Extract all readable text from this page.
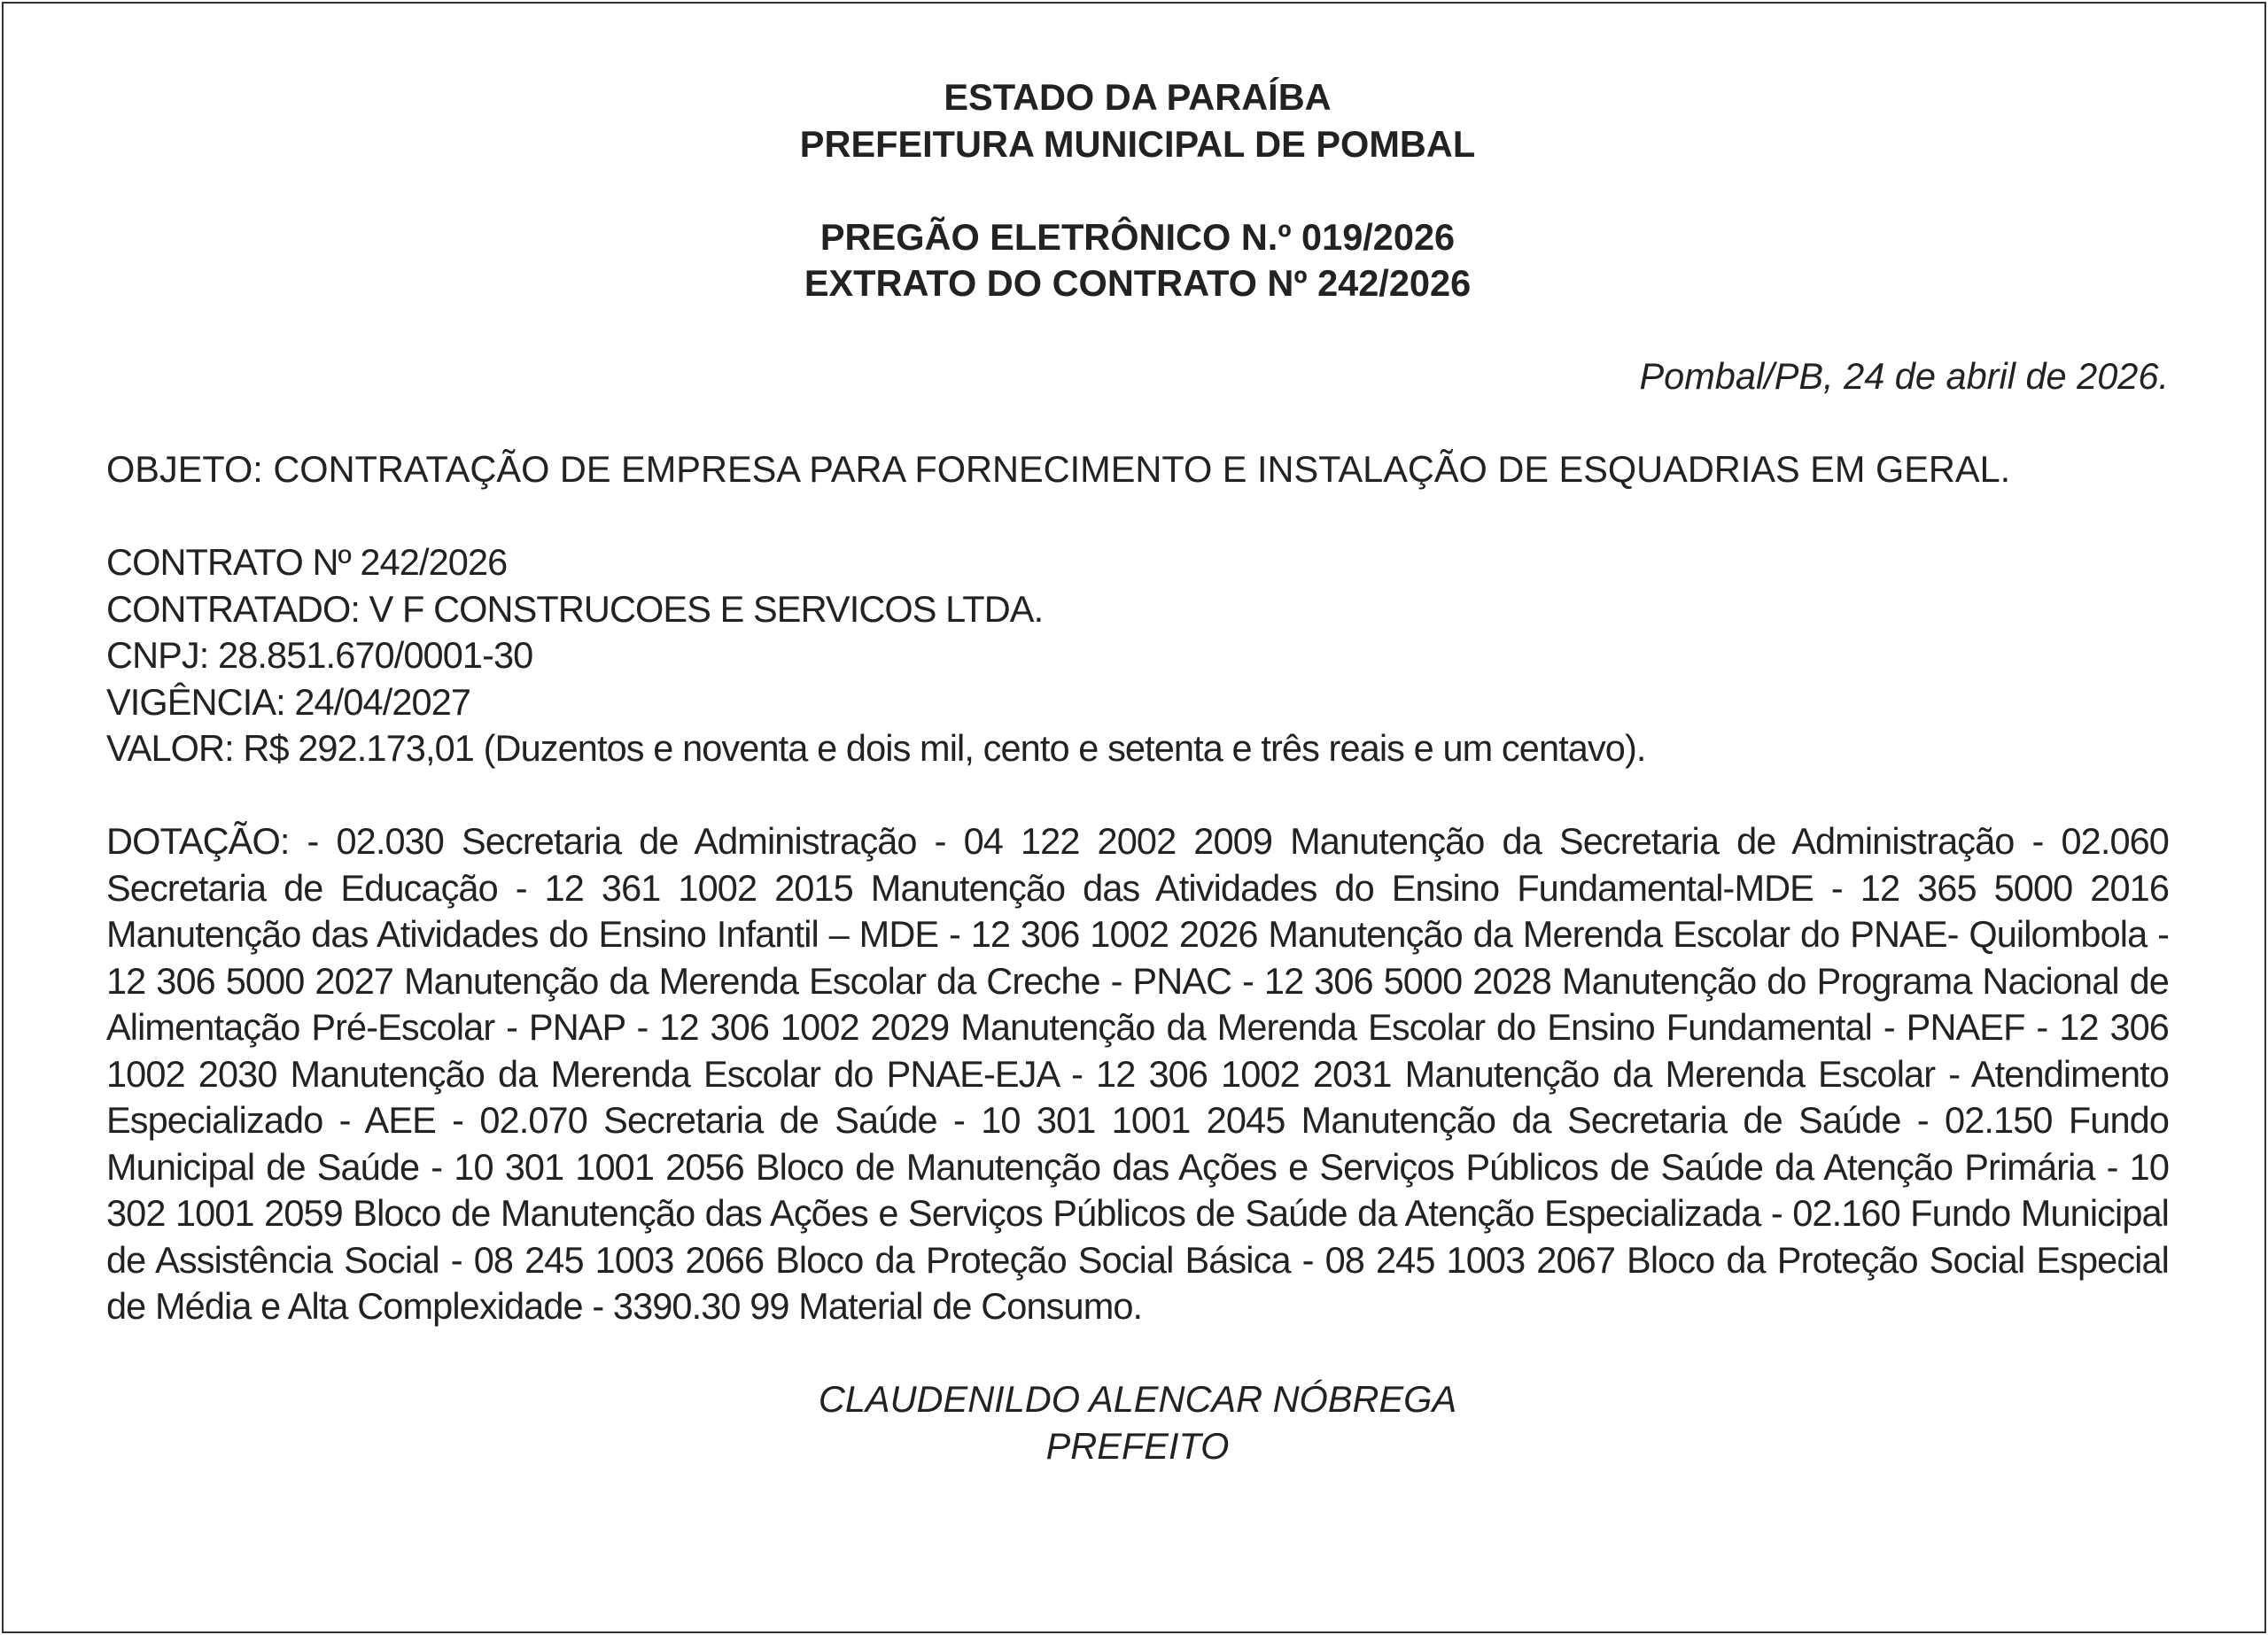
ESTADO DA PARAÍBA
PREFEITURA MUNICIPAL DE POMBAL
PREGÃO ELETRÔNICO N.º 019/2026
EXTRATO DO CONTRATO Nº 242/2026
Pombal/PB, 24 de abril de 2026.
OBJETO: CONTRATAÇÃO DE EMPRESA PARA FORNECIMENTO E INSTALAÇÃO DE ESQUADRIAS EM GERAL.
CONTRATO Nº 242/2026
CONTRATADO: V F CONSTRUCOES E SERVICOS LTDA.
CNPJ: 28.851.670/0001-30
VIGÊNCIA: 24/04/2027
VALOR: R$ 292.173,01 (Duzentos e noventa e dois mil, cento e setenta e três reais e um centavo).
DOTAÇÃO: - 02.030 Secretaria de Administração - 04 122 2002 2009 Manutenção da Secretaria de Administração - 02.060 Secretaria de Educação - 12 361 1002 2015 Manutenção das Atividades do Ensino Fundamental-MDE - 12 365 5000 2016 Manutenção das Atividades do Ensino Infantil – MDE - 12 306 1002 2026 Manutenção da Merenda Escolar do PNAE- Quilombola - 12 306 5000 2027 Manutenção da Merenda Escolar da Creche - PNAC - 12 306 5000 2028 Manutenção do Programa Nacional de Alimentação Pré-Escolar - PNAP - 12 306 1002 2029 Manutenção da Merenda Escolar do Ensino Fundamental - PNAEF - 12 306 1002 2030 Manutenção da Merenda Escolar do PNAE-EJA - 12 306 1002 2031 Manutenção da Merenda Escolar - Atendimento Especializado - AEE - 02.070 Secretaria de Saúde - 10 301 1001 2045 Manutenção da Secretaria de Saúde - 02.150 Fundo Municipal de Saúde - 10 301 1001 2056 Bloco de Manutenção das Ações e Serviços Públicos de Saúde da Atenção Primária - 10 302 1001 2059 Bloco de Manutenção das Ações e Serviços Públicos de Saúde da Atenção Especializada - 02.160 Fundo Municipal de Assistência Social - 08 245 1003 2066 Bloco da Proteção Social Básica - 08 245 1003 2067 Bloco da Proteção Social Especial de Média e Alta Complexidade - 3390.30 99 Material de Consumo.
CLAUDENILDO ALENCAR NÓBREGA
PREFEITO
